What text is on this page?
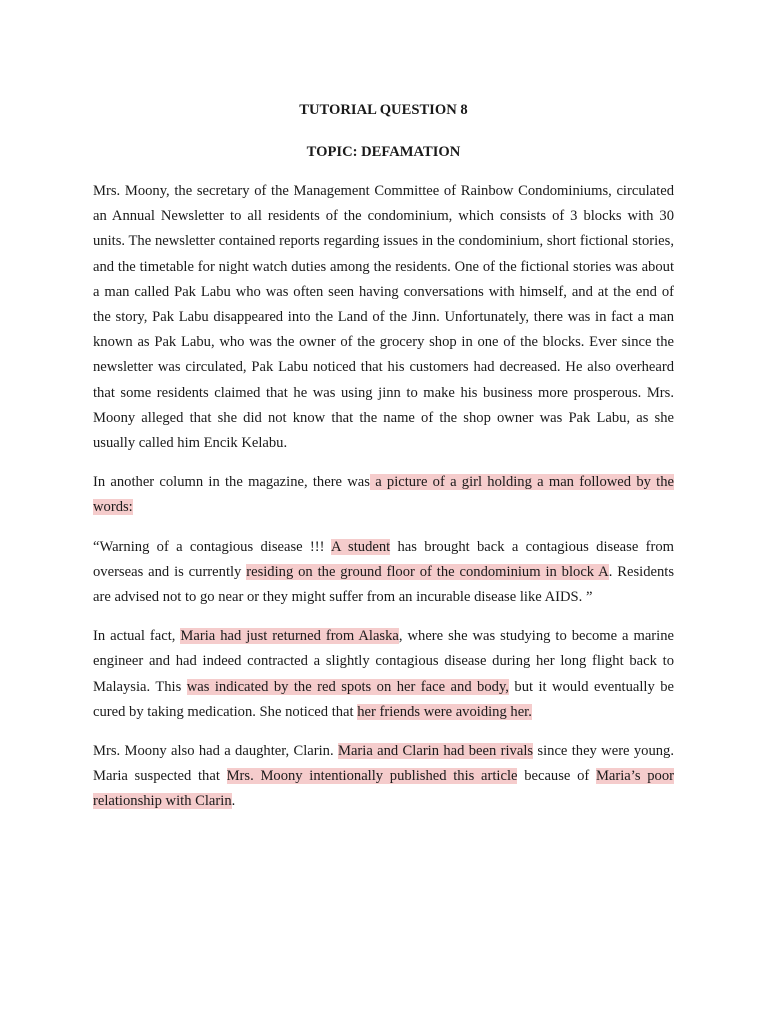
TUTORIAL QUESTION 8

TOPIC: DEFAMATION

Mrs. Moony, the secretary of the Management Committee of Rainbow Condominiums, circulated an Annual Newsletter to all residents of the condominium, which consists of 3 blocks with 30 units. The newsletter contained reports regarding issues in the condominium, short fictional stories, and the timetable for night watch duties among the residents. One of the fictional stories was about a man called Pak Labu who was often seen having conversations with himself, and at the end of the story, Pak Labu disappeared into the Land of the Jinn. Unfortunately, there was in fact a man known as Pak Labu, who was the owner of the grocery shop in one of the blocks. Ever since the newsletter was circulated, Pak Labu noticed that his customers had decreased. He also overheard that some residents claimed that he was using jinn to make his business more prosperous. Mrs. Moony alleged that she did not know that the name of the shop owner was Pak Labu, as she usually called him Encik Kelabu.

In another column in the magazine, there was a picture of a girl holding a man followed by the words:

“Warning of a contagious disease !!! A student has brought back a contagious disease from overseas and is currently residing on the ground floor of the condominium in block A. Residents are advised not to go near or they might suffer from an incurable disease like AIDS. ”

In actual fact, Maria had just returned from Alaska, where she was studying to become a marine engineer and had indeed contracted a slightly contagious disease during her long flight back to Malaysia. This was indicated by the red spots on her face and body, but it would eventually be cured by taking medication. She noticed that her friends were avoiding her.

Mrs. Moony also had a daughter, Clarin. Maria and Clarin had been rivals since they were young. Maria suspected that Mrs. Moony intentionally published this article because of Maria’s poor relationship with Clarin.
